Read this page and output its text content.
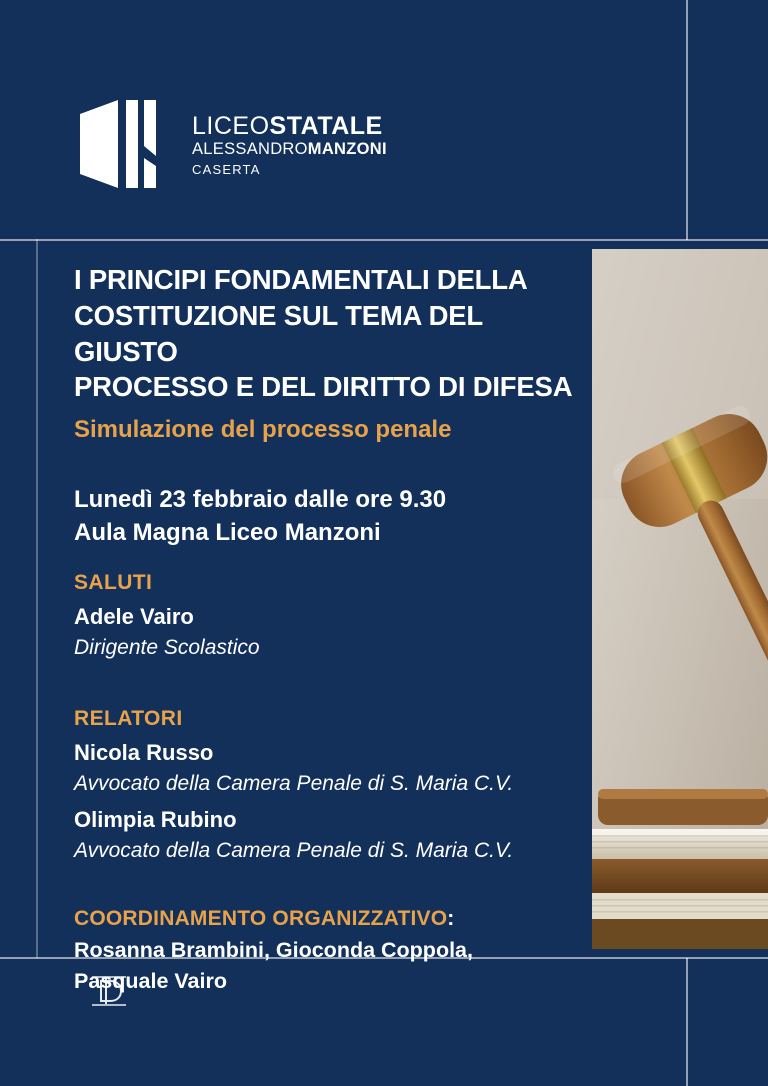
LICEOSTATALE
ALESSANDROMANZONI
CASERTA
I PRINCIPI FONDAMENTALI DELLA
COSTITUZIONE SUL TEMA DEL GIUSTO
PROCESSO E DEL DIRITTO DI DIFESA
Simulazione del processo penale
Lunedì 23 febbraio dalle ore 9.30
Aula Magna Liceo Manzoni
SALUTI
Adele Vairo
Dirigente Scolastico
RELATORI
Nicola Russo
Avvocato della Camera Penale di S. Maria C.V.
Olimpia Rubino
Avvocato della Camera Penale di S. Maria C.V.
COORDINAMENTO ORGANIZZATIVO:
Rosanna Brambini, Gioconda Coppola,
Pasquale Vairo
